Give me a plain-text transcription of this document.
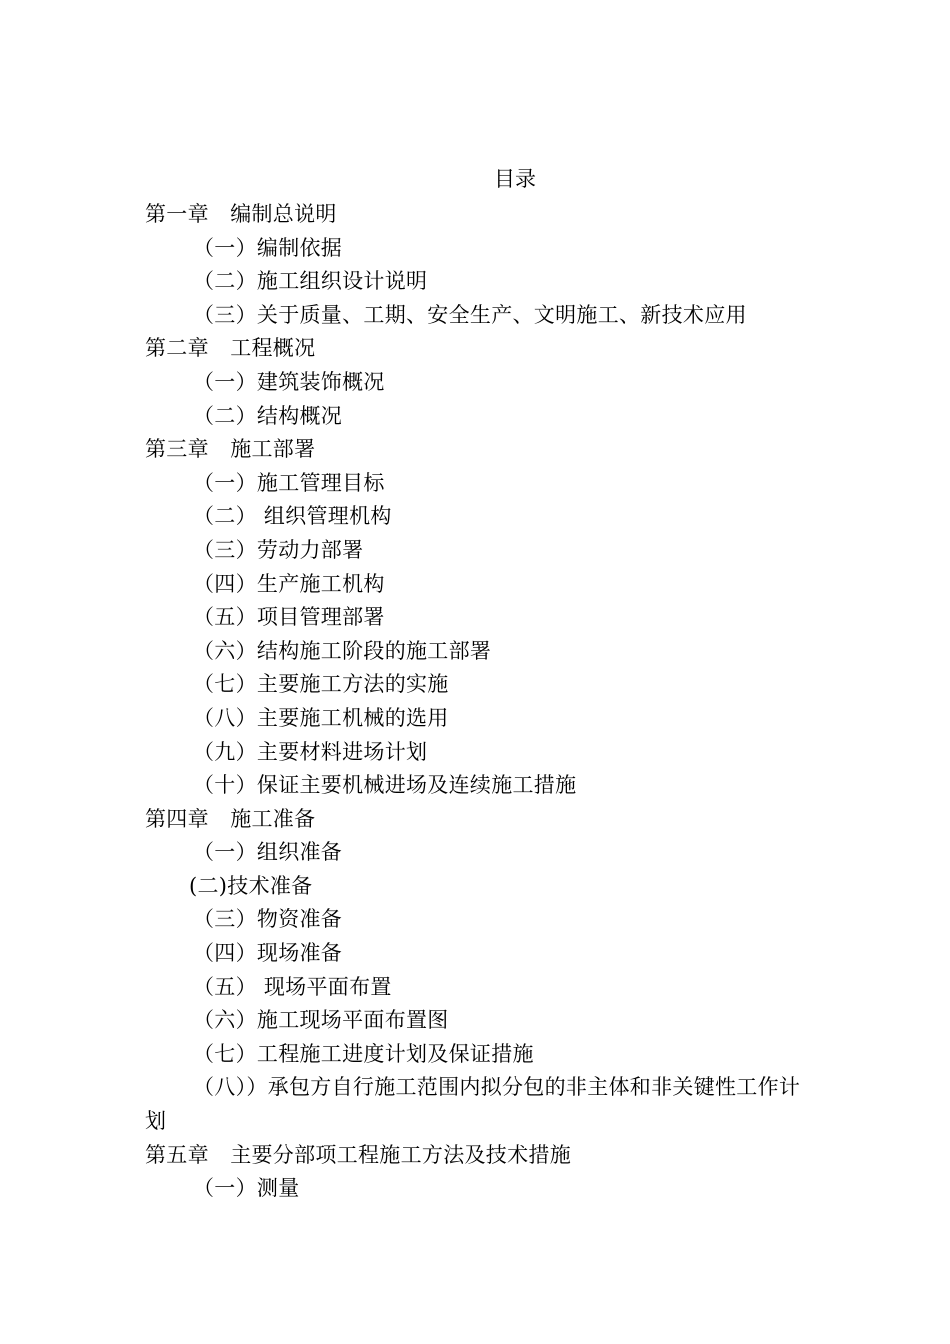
目录
第一章　编制总说明
（一）编制依据
（二）施工组织设计说明
（三）关于质量、工期、安全生产、文明施工、新技术应用
第二章　工程概况
（一）建筑装饰概况
（二）结构概况
第三章　施工部署
（一）施工管理目标
（二） 组织管理机构
（三）劳动力部署
（四）生产施工机构
（五）项目管理部署
（六）结构施工阶段的施工部署
（七）主要施工方法的实施
（八）主要施工机械的选用
（九）主要材料进场计划
（十）保证主要机械进场及连续施工措施
第四章　施工准备
（一）组织准备
(二)技术准备
（三）物资准备
（四）现场准备
（五） 现场平面布置
（六）施工现场平面布置图
（七）工程施工进度计划及保证措施
（八））承包方自行施工范围内拟分包的非主体和非关键性工作计
划
第五章　主要分部项工程施工方法及技术措施
（一）测量
